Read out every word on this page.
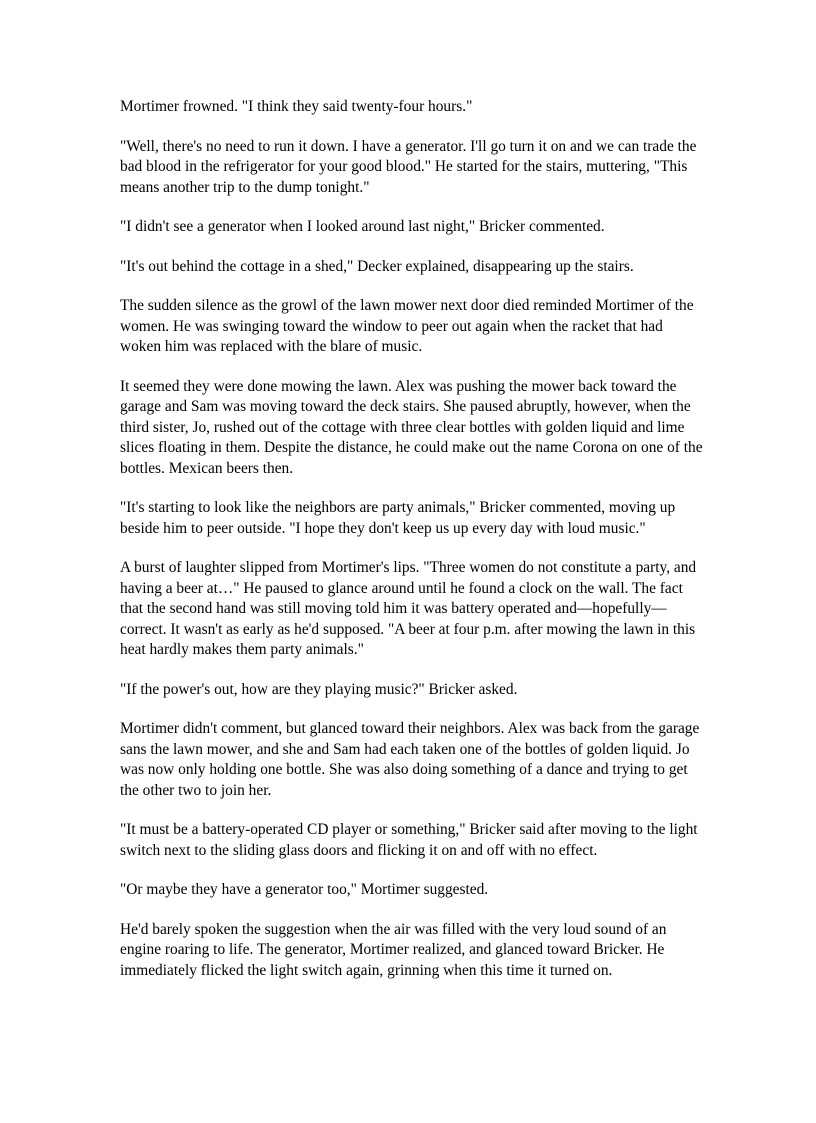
Mortimer frowned. "I think they said twenty-four hours."

"Well, there's no need to run it down. I have a generator. I'll go turn it on and we can trade the bad blood in the refrigerator for your good blood." He started for the stairs, muttering, "This means another trip to the dump tonight."

"I didn't see a generator when I looked around last night," Bricker commented.

"It's out behind the cottage in a shed," Decker explained, disappearing up the stairs.

The sudden silence as the growl of the lawn mower next door died reminded Mortimer of the women. He was swinging toward the window to peer out again when the racket that had woken him was replaced with the blare of music.

It seemed they were done mowing the lawn. Alex was pushing the mower back toward the garage and Sam was moving toward the deck stairs. She paused abruptly, however, when the third sister, Jo, rushed out of the cottage with three clear bottles with golden liquid and lime slices floating in them. Despite the distance, he could make out the name Corona on one of the bottles. Mexican beers then.

"It's starting to look like the neighbors are party animals," Bricker commented, moving up beside him to peer outside. "I hope they don't keep us up every day with loud music."

A burst of laughter slipped from Mortimer's lips. "Three women do not constitute a party, and having a beer at…" He paused to glance around until he found a clock on the wall. The fact that the second hand was still moving told him it was battery operated and—hopefully—correct. It wasn't as early as he'd supposed. "A beer at four p.m. after mowing the lawn in this heat hardly makes them party animals."

"If the power's out, how are they playing music?" Bricker asked.

Mortimer didn't comment, but glanced toward their neighbors. Alex was back from the garage sans the lawn mower, and she and Sam had each taken one of the bottles of golden liquid. Jo was now only holding one bottle. She was also doing something of a dance and trying to get the other two to join her.

"It must be a battery-operated CD player or something," Bricker said after moving to the light switch next to the sliding glass doors and flicking it on and off with no effect.

"Or maybe they have a generator too," Mortimer suggested.

He'd barely spoken the suggestion when the air was filled with the very loud sound of an engine roaring to life. The generator, Mortimer realized, and glanced toward Bricker. He immediately flicked the light switch again, grinning when this time it turned on.
